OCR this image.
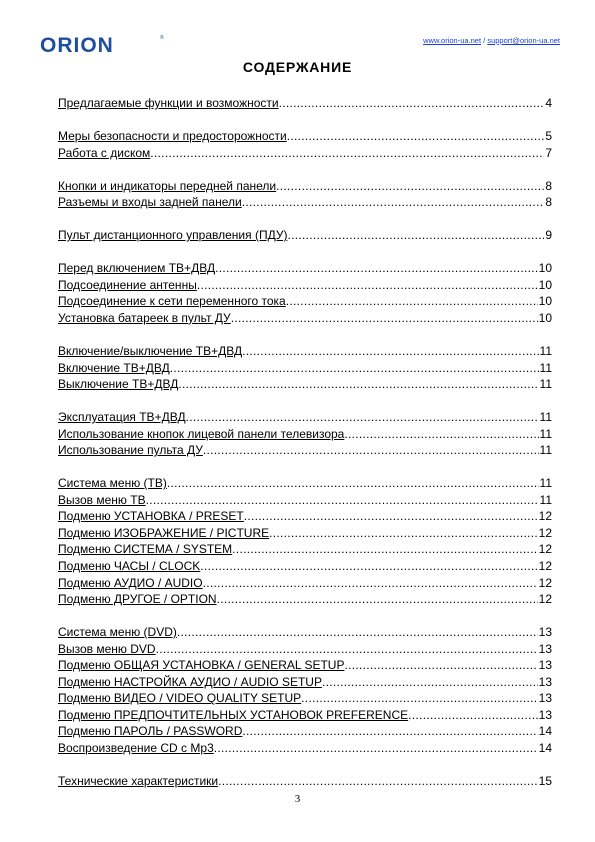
ORION	®	www.orion-ua.net / support@orion-ua.net
СОДЕРЖАНИЕ
Предлагаемые функции и возможности .....	4
Меры безопасности и предосторожности .....	5
Работа с диском .....	7
Кнопки и индикаторы передней панели .....	8
Разъемы и входы задней панели .....	8
Пульт дистанционного управления (ПДУ) .....	9
Перед включением ТВ+ДВД .....	10
Подсоединение антенны .....	10
Подсоединение к сети переменного тока .....	10
Установка батареек в пульт ДУ .....	10
Включение/выключение ТВ+ДВД .....	11
Включение ТВ+ДВД .....	11
Выключение ТВ+ДВД .....	11
Эксплуатация ТВ+ДВД .....	11
Использование кнопок лицевой панели телевизора .....	11
Использование пульта ДУ .....	11
Система меню (ТВ) .....	11
Вызов меню ТВ .....	11
Подменю УСТАНОВКА / PRESET .....	12
Подменю ИЗОБРАЖЕНИЕ / PICTURE .....	12
Подменю СИСТЕМА / SYSTEM .....	12
Подменю ЧАСЫ / CLOCK .....	12
Подменю АУДИО / AUDIO .....	12
Подменю ДРУГОЕ / OPTION .....	12
Система меню (DVD) .....	13
Вызов меню DVD .....	13
Подменю ОБЩАЯ УСТАНОВКА / GENERAL SETUP .....	13
Подменю НАСТРОЙКА АУДИО / AUDIO SETUP .....	13
Подменю ВИДЕО / VIDEO QUALITY SETUP .....	13
Подменю ПРЕДПОЧТИТЕЛЬНЫХ УСТАНОВОК PREFERENCE .....	13
Подменю ПАРОЛЬ / PASSWORD .....	14
Воспроизведение CD с Mp3 .....	14
Технические характеристики .....	15
3
